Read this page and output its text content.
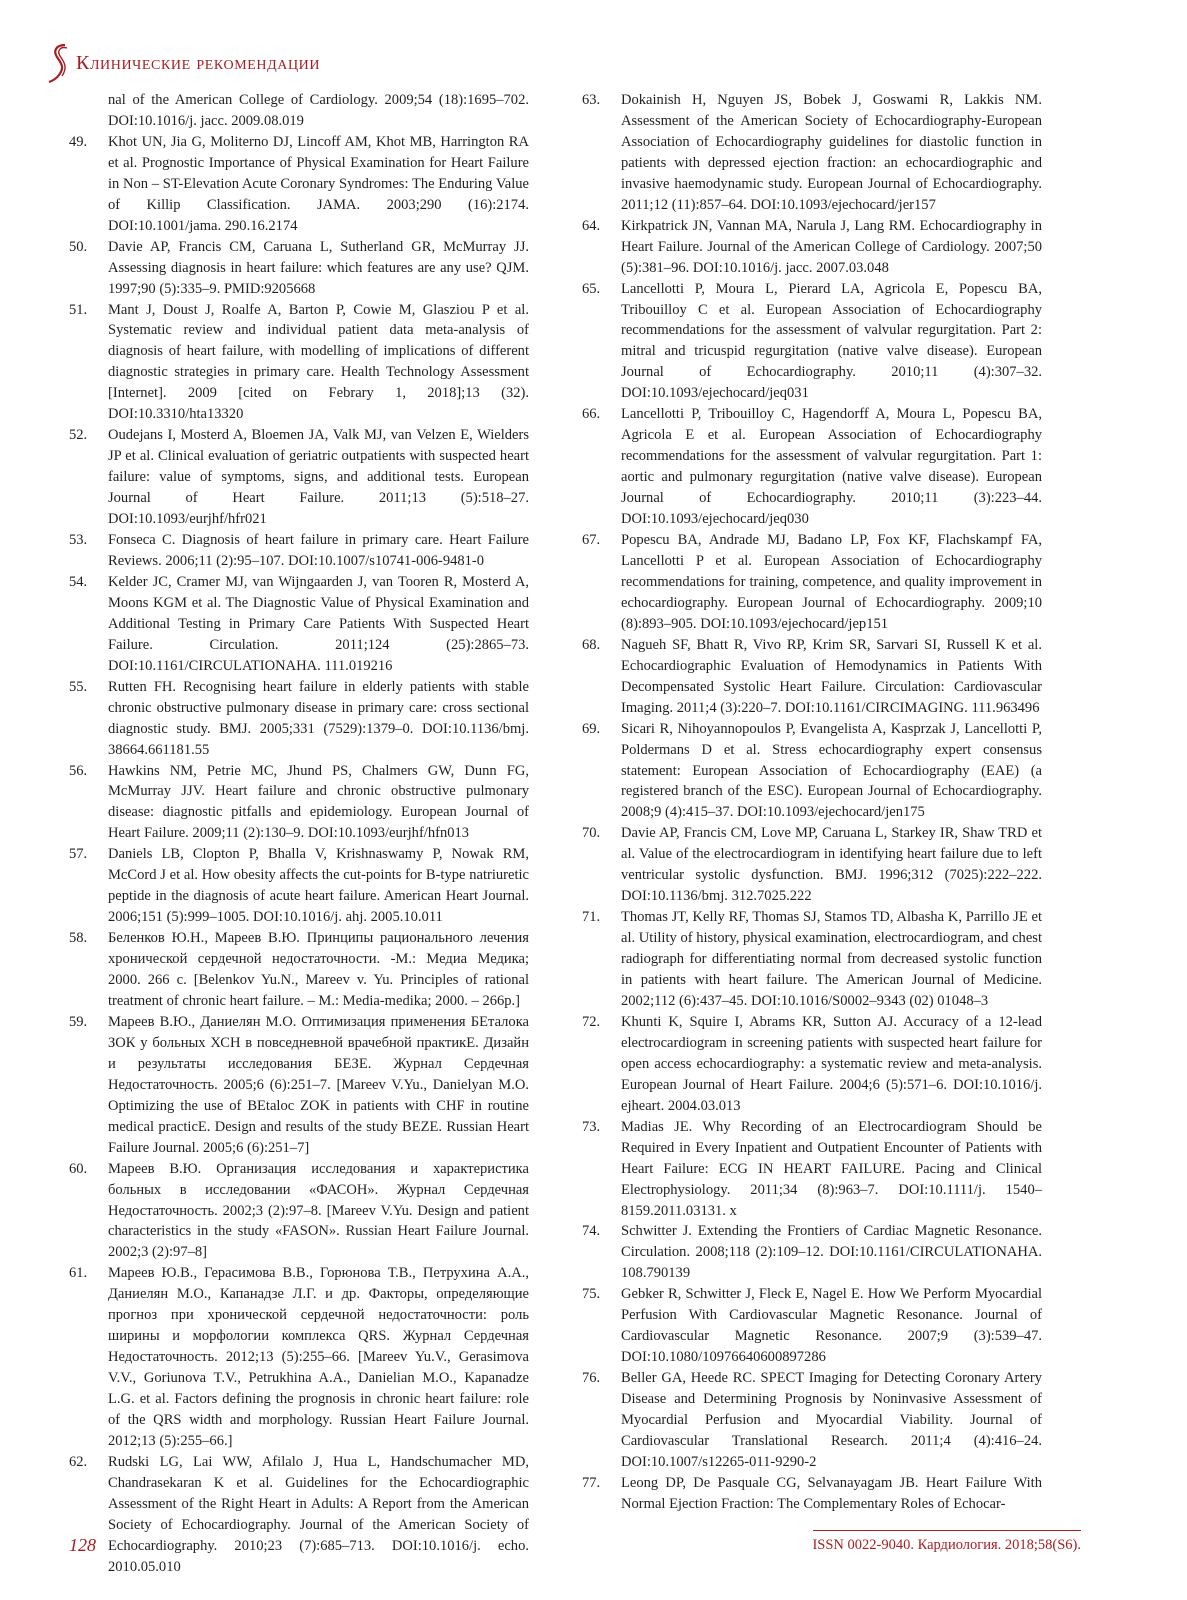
Клинические рекомендации
nal of the American College of Cardiology. 2009;54 (18):1695–702. DOI:10.1016/j. jacc. 2009.08.019
49. Khot UN, Jia G, Moliterno DJ, Lincoff AM, Khot MB, Harrington RA et al. Prognostic Importance of Physical Examination for Heart Failure in Non – ST-Elevation Acute Coronary Syndromes: The Enduring Value of Killip Classification. JAMA. 2003;290 (16):2174. DOI:10.1001/jama. 290.16.2174
50. Davie AP, Francis CM, Caruana L, Sutherland GR, McMurray JJ. Assessing diagnosis in heart failure: which features are any use? QJM. 1997;90 (5):335–9. PMID:9205668
51. Mant J, Doust J, Roalfe A, Barton P, Cowie M, Glasziou P et al. Systematic review and individual patient data meta-analysis of diagnosis of heart failure, with modelling of implications of different diagnostic strategies in primary care. Health Technology Assessment [Internet]. 2009 [cited on Febrary 1, 2018];13 (32). DOI:10.3310/hta13320
52. Oudejans I, Mosterd A, Bloemen JA, Valk MJ, van Velzen E, Wielders JP et al. Clinical evaluation of geriatric outpatients with suspected heart failure: value of symptoms, signs, and additional tests. European Journal of Heart Failure. 2011;13 (5):518–27. DOI:10.1093/eurjhf/hfr021
53. Fonseca C. Diagnosis of heart failure in primary care. Heart Failure Reviews. 2006;11 (2):95–107. DOI:10.1007/s10741-006-9481-0
54. Kelder JC, Cramer MJ, van Wijngaarden J, van Tooren R, Mosterd A, Moons KGM et al. The Diagnostic Value of Physical Examination and Additional Testing in Primary Care Patients With Suspected Heart Failure. Circulation. 2011;124 (25):2865–73. DOI:10.1161/CIRCULATIONAHA. 111.019216
55. Rutten FH. Recognising heart failure in elderly patients with stable chronic obstructive pulmonary disease in primary care: cross sectional diagnostic study. BMJ. 2005;331 (7529):1379–0. DOI:10.1136/bmj. 38664.661181.55
56. Hawkins NM, Petrie MC, Jhund PS, Chalmers GW, Dunn FG, McMurray JJV. Heart failure and chronic obstructive pulmonary disease: diagnostic pitfalls and epidemiology. European Journal of Heart Failure. 2009;11 (2):130–9. DOI:10.1093/eurjhf/hfn013
57. Daniels LB, Clopton P, Bhalla V, Krishnaswamy P, Nowak RM, McCord J et al. How obesity affects the cut-points for B-type natriuretic peptide in the diagnosis of acute heart failure. American Heart Journal. 2006;151 (5):999–1005. DOI:10.1016/j. ahj. 2005.10.011
58. Беленков Ю.Н., Мареев В.Ю. Принципы рационального лечения хронической сердечной недостаточности. -М.: Медиа Медика; 2000. 266 с. [Belenkov Yu.N., Mareev v. Yu. Principles of rational treatment of chronic heart failure. – M.: Media-medika; 2000. – 266p.]
59. Мареев В.Ю., Даниелян М.О. Оптимизация применения БЕталока ЗОК у больных ХСН в повседневной врачебной практикЕ. Дизайн и результаты исследования БЕЗЕ. Журнал Сердечная Недостаточность. 2005;6 (6):251–7. [Mareev V.Yu., Danielyan M.O. Optimizing the use of BEtaloc ZOK in patients with CHF in routine medical practicE. Design and results of the study BEZE. Russian Heart Failure Journal. 2005;6 (6):251–7]
60. Мареев В.Ю. Организация исследования и характеристика больных в исследовании «ФАСОН». Журнал Сердечная Недостаточность. 2002;3 (2):97–8. [Mareev V.Yu. Design and patient characteristics in the study «FASON». Russian Heart Failure Journal. 2002;3 (2):97–8]
61. Мареев Ю.В., Герасимова В.В., Горюнова Т.В., Петрухина А.А., Даниелян М.О., Капанадзе Л.Г. и др. Факторы, определяющие прогноз при хронической сердечной недостаточности: роль ширины и морфологии комплекса QRS. Журнал Сердечная Недостаточность. 2012;13 (5):255–66. [Mareev Yu.V., Gerasimova V.V., Goriunova T.V., Petrukhina A.A., Danielian M.O., Kapanadze L.G. et al. Factors defining the prognosis in chronic heart failure: role of the QRS width and morphology. Russian Heart Failure Journal. 2012;13 (5):255–66.]
62. Rudski LG, Lai WW, Afilalo J, Hua L, Handschumacher MD, Chandrasekaran K et al. Guidelines for the Echocardiographic Assessment of the Right Heart in Adults: A Report from the American Society of Echocardiography. Journal of the American Society of Echocardiography. 2010;23 (7):685–713. DOI:10.1016/j. echo. 2010.05.010
63. Dokainish H, Nguyen JS, Bobek J, Goswami R, Lakkis NM. Assessment of the American Society of Echocardiography-European Association of Echocardiography guidelines for diastolic function in patients with depressed ejection fraction: an echocardiographic and invasive haemodynamic study. European Journal of Echocardiography. 2011;12 (11):857–64. DOI:10.1093/ejechocard/jer157
64. Kirkpatrick JN, Vannan MA, Narula J, Lang RM. Echocardiography in Heart Failure. Journal of the American College of Cardiology. 2007;50 (5):381–96. DOI:10.1016/j. jacc. 2007.03.048
65. Lancellotti P, Moura L, Pierard LA, Agricola E, Popescu BA, Tribouilloy C et al. European Association of Echocardiography recommendations for the assessment of valvular regurgitation. Part 2: mitral and tricuspid regurgitation (native valve disease). European Journal of Echocardiography. 2010;11 (4):307–32. DOI:10.1093/ejechocard/jeq031
66. Lancellotti P, Tribouilloy C, Hagendorff A, Moura L, Popescu BA, Agricola E et al. European Association of Echocardiography recommendations for the assessment of valvular regurgitation. Part 1: aortic and pulmonary regurgitation (native valve disease). European Journal of Echocardiography. 2010;11 (3):223–44. DOI:10.1093/ejechocard/jeq030
67. Popescu BA, Andrade MJ, Badano LP, Fox KF, Flachskampf FA, Lancellotti P et al. European Association of Echocardiography recommendations for training, competence, and quality improvement in echocardiography. European Journal of Echocardiography. 2009;10 (8):893–905. DOI:10.1093/ejechocard/jep151
68. Nagueh SF, Bhatt R, Vivo RP, Krim SR, Sarvari SI, Russell K et al. Echocardiographic Evaluation of Hemodynamics in Patients With Decompensated Systolic Heart Failure. Circulation: Cardiovascular Imaging. 2011;4 (3):220–7. DOI:10.1161/CIRCIMAGING. 111.963496
69. Sicari R, Nihoyannopoulos P, Evangelista A, Kasprzak J, Lancellotti P, Poldermans D et al. Stress echocardiography expert consensus statement: European Association of Echocardiography (EAE) (a registered branch of the ESC). European Journal of Echocardiography. 2008;9 (4):415–37. DOI:10.1093/ejechocard/jen175
70. Davie AP, Francis CM, Love MP, Caruana L, Starkey IR, Shaw TRD et al. Value of the electrocardiogram in identifying heart failure due to left ventricular systolic dysfunction. BMJ. 1996;312 (7025):222–222. DOI:10.1136/bmj. 312.7025.222
71. Thomas JT, Kelly RF, Thomas SJ, Stamos TD, Albasha K, Parrillo JE et al. Utility of history, physical examination, electrocardiogram, and chest radiograph for differentiating normal from decreased systolic function in patients with heart failure. The American Journal of Medicine. 2002;112 (6):437–45. DOI:10.1016/S0002–9343 (02) 01048–3
72. Khunti K, Squire I, Abrams KR, Sutton AJ. Accuracy of a 12-lead electrocardiogram in screening patients with suspected heart failure for open access echocardiography: a systematic review and meta-analysis. European Journal of Heart Failure. 2004;6 (5):571–6. DOI:10.1016/j. ejheart. 2004.03.013
73. Madias JE. Why Recording of an Electrocardiogram Should be Required in Every Inpatient and Outpatient Encounter of Patients with Heart Failure: ECG IN HEART FAILURE. Pacing and Clinical Electrophysiology. 2011;34 (8):963–7. DOI:10.1111/j. 1540–8159.2011.03131. x
74. Schwitter J. Extending the Frontiers of Cardiac Magnetic Resonance. Circulation. 2008;118 (2):109–12. DOI:10.1161/CIRCULATIONAHA. 108.790139
75. Gebker R, Schwitter J, Fleck E, Nagel E. How We Perform Myocardial Perfusion With Cardiovascular Magnetic Resonance. Journal of Cardiovascular Magnetic Resonance. 2007;9 (3):539–47. DOI:10.1080/10976640600897286
76. Beller GA, Heede RC. SPECT Imaging for Detecting Coronary Artery Disease and Determining Prognosis by Noninvasive Assessment of Myocardial Perfusion and Myocardial Viability. Journal of Cardiovascular Translational Research. 2011;4 (4):416–24. DOI:10.1007/s12265-011-9290-2
77. Leong DP, De Pasquale CG, Selvanayagam JB. Heart Failure With Normal Ejection Fraction: The Complementary Roles of Echocar-
128	ISSN 0022-9040. Кардиология. 2018;58(S6).
